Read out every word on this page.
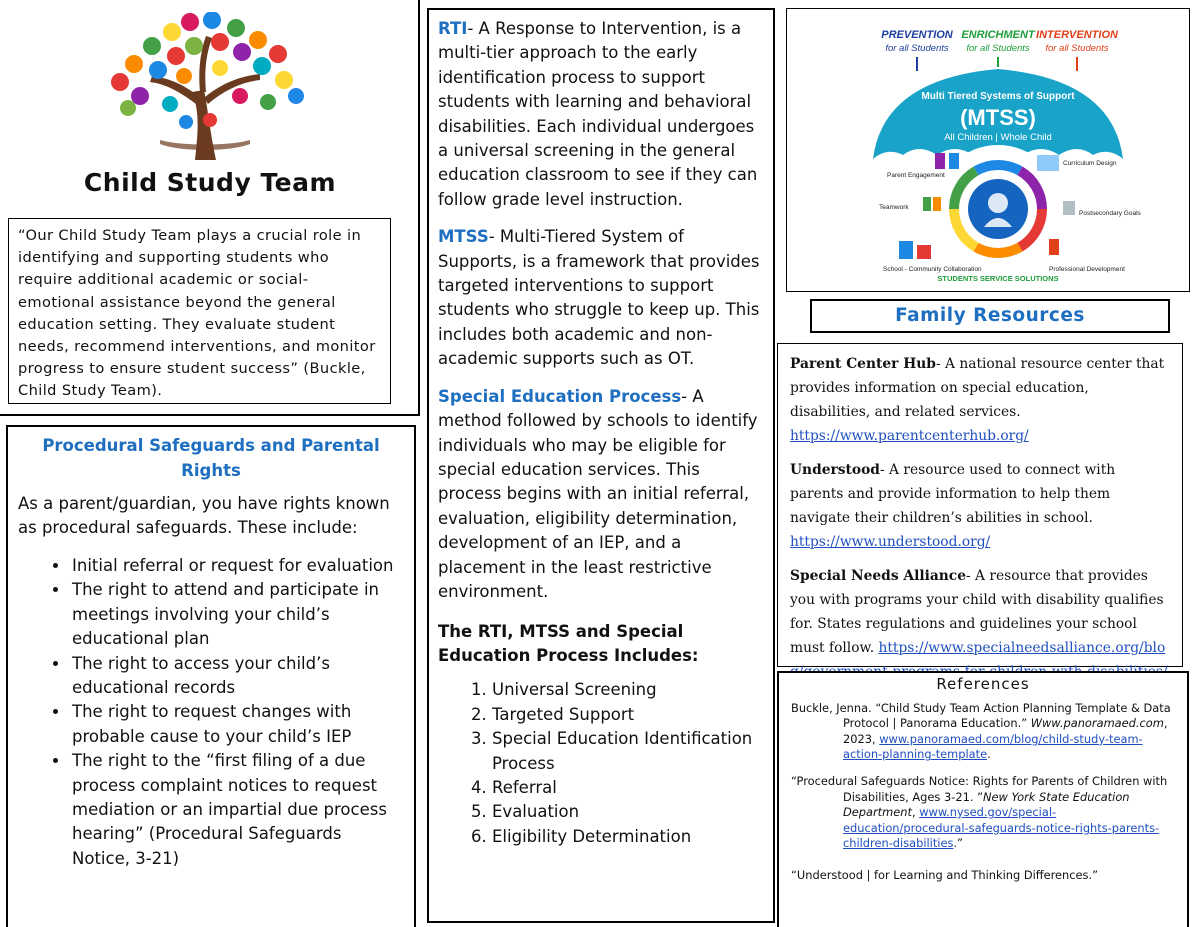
Child Study Team
“Our Child Study Team plays a crucial role in identifying and supporting students who require additional academic or social-emotional assistance beyond the general education setting. They evaluate student needs, recommend interventions, and monitor progress to ensure student success” (Buckle, Child Study Team).
Procedural Safeguards and Parental Rights
As a parent/guardian, you have rights known as procedural safeguards. These include:
• Initial referral or request for evaluation
• The right to attend and participate in meetings involving your child’s educational plan
• The right to access your child’s educational records
• The right to request changes with probable cause to your child’s IEP
• The right to the “first filing of a due process complaint notices to request mediation or an impartial due process hearing” (Procedural Safeguards Notice, 3-21)

RTI- A Response to Intervention, is a multi-tier approach to the early identification process to support students with learning and behavioral disabilities. Each individual undergoes a universal screening in the general education classroom to see if they can follow grade level instruction.

MTSS- Multi-Tiered System of Supports, is a framework that provides targeted interventions to support students who struggle to keep up. This includes both academic and non-academic supports such as OT.

Special Education Process- A method followed by schools to identify individuals who may be eligible for special education services. This process begins with an initial referral, evaluation, eligibility determination, development of an IEP, and a placement in the least restrictive environment.

The RTI, MTSS and Special Education Process Includes:
1. Universal Screening
2. Targeted Support
3. Special Education Identification Process
4. Referral
5. Evaluation
6. Eligibility Determination
PREVENTION
for all Students
ENRICHMENT
for all Students
INTERVENTION
for all Students
Multi Tiered Systems of Support
(MTSS)
All Children | Whole Child
STUDENTS SERVICE SOLUTIONS
Parent Engagement
Curriculum Design
Teamwork
Postsecondary Goals
School - Community Collaboration	Professional Development
Family Resources

Parent Center Hub- A national resource center that provides information on special education, disabilities, and related services. https://www.parentcenterhub.org/

Understood- A resource used to connect with parents and provide information to help them navigate their children’s abilities in school. https://www.understood.org/

Special Needs Alliance- A resource that provides you with programs your child with disability qualifies for. States regulations and guidelines your school must follow. https://www.specialneedsalliance.org/blo

References

Buckle, Jenna. “Child Study Team Action Planning Template & Data Protocol | Panorama Education.” Www.panoramaed.com, 2023, www.panoramaed.com/blog/child-study-team-action-planning-template.

“Procedural Safeguards Notice: Rights for Parents of Children with Disabilities, Ages 3-21. ”New York State Education Department, www.nysed.gov/special-education/procedural-safeguards-notice-rights-parents-children-disabilities.”

“Understood | for Learning and Thinking Differences.”
